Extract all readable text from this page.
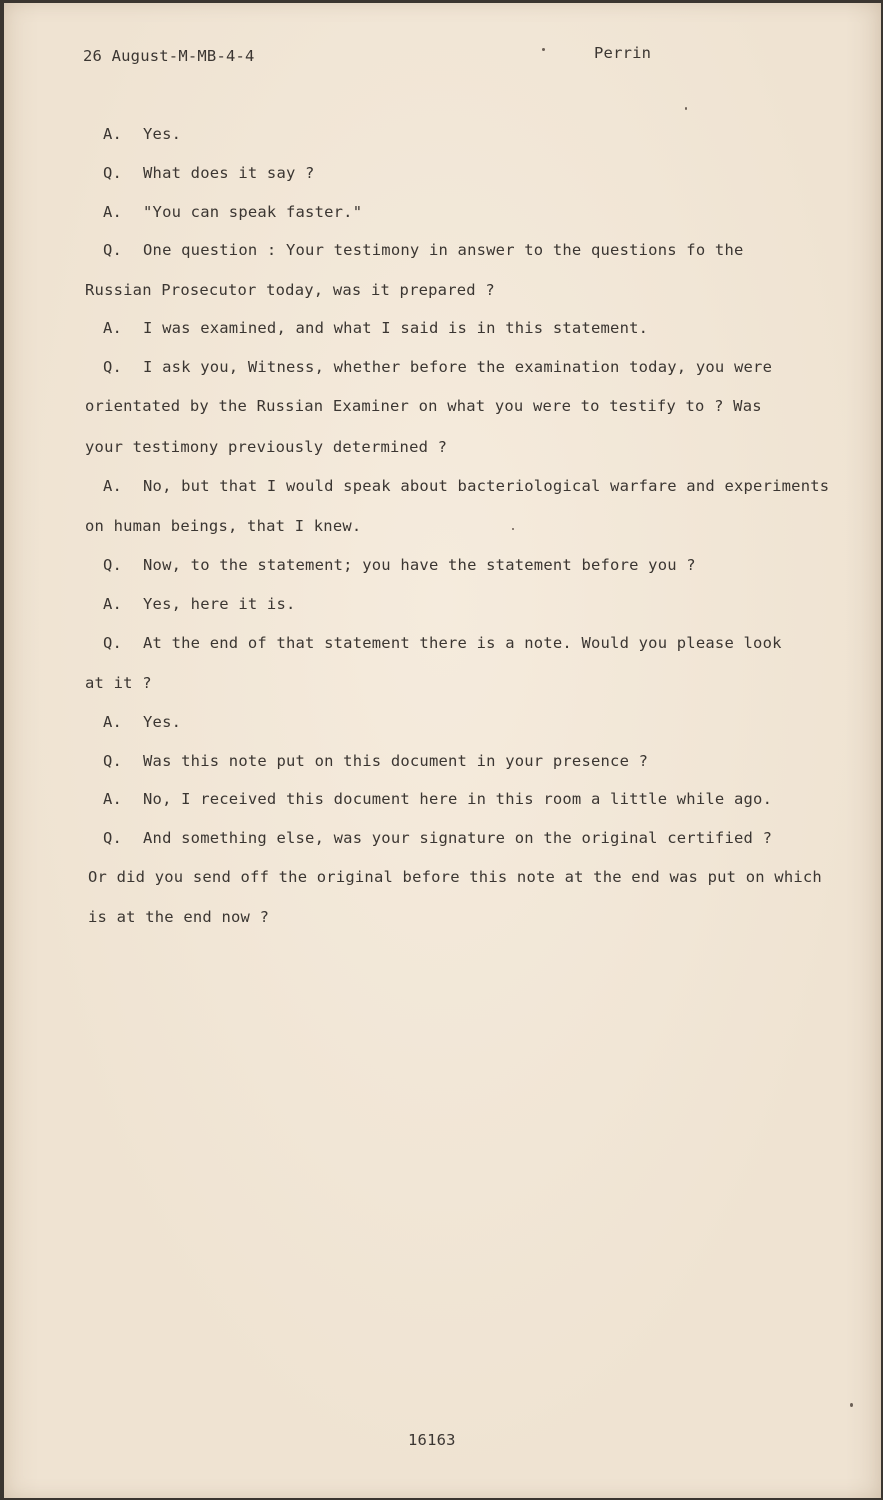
26 August-M-MB-4-4	Perrin
A. Yes.
Q. What does it say ?
A. "You can speak faster."
Q. One question : Your testimony in answer to the questions fo the
Russian Prosecutor today, was it prepared ?
A. I was examined, and what I said is in this statement.
Q. I ask you, Witness, whether before the examination today, you were
orientated by the Russian Examiner on what you were to testify to ? Was
your testimony previously determined ?
A. No, but that I would speak about bacteriological warfare and experiments
on human beings, that I knew.
Q. Now, to the statement; you have the statement before you ?
A. Yes, here it is.
Q. At the end of that statement there is a note. Would you please look
at it ?
A. Yes.
Q. Was this note put on this document in your presence ?
A. No, I received this document here in this room a little while ago.
Q. And something else, was your signature on the original certified ?
Or did you send off the original before this note at the end was put on which
is at the end now ?
16163
